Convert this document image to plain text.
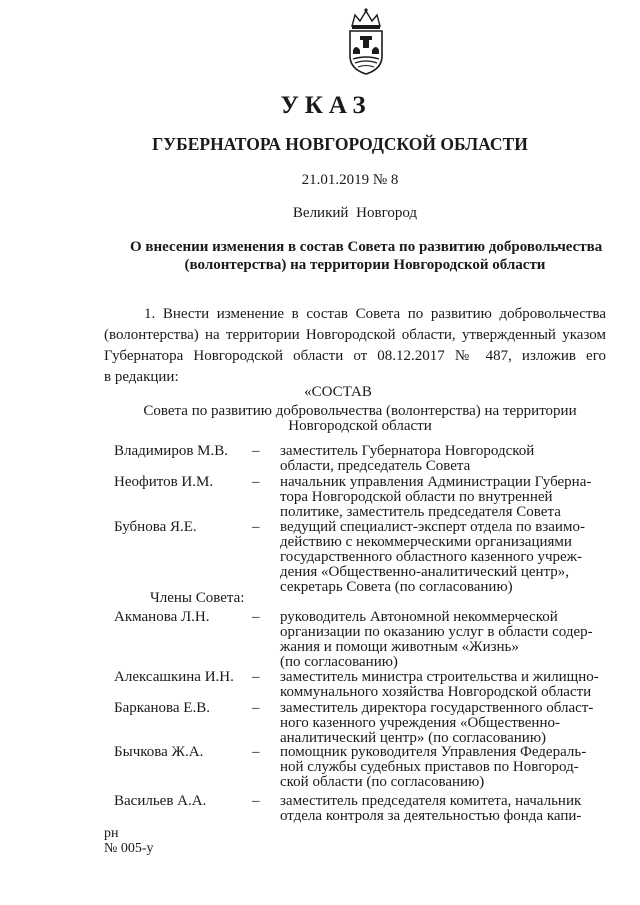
УКАЗ
ГУБЕРНАТОРА НОВГОРОДСКОЙ ОБЛАСТИ
21.01.2019 № 8
Великий Новгород
О внесении изменения в состав Совета по развитию добровольчества
(волонтерства) на территории Новгородской области
1. Внести изменение в состав Совета по развитию добровольчества
(волонтерства) на территории Новгородской области, утвержденный указом
Губернатора Новгородской области от 08.12.2017 № 487, изложив его
в редакции:
«СОСТАВ
Совета по развитию добровольчества (волонтерства) на территории
Новгородской области
Владимиров М.В. – заместитель Губернатора Новгородской
области, председатель Совета
Неофитов И.М.	– начальник управления Администрации Губерна-
тора Новгородской области по внутренней
политике, заместитель председателя Совета
Бубнова Я.Е.	– ведущий специалист-эксперт отдела по взаимо-
действию с некоммерческими организациями
государственного областного казенного учреж-
дения «Общественно-аналитический центр»,
секретарь Совета (по согласованию)
Члены Совета:
Акманова Л.Н.	– руководитель Автономной некоммерческой
организации по оказанию услуг в области содер-
жания и помощи животным «Жизнь»
(по согласованию)
Алексашкина И.Н. – заместитель министра строительства и жилищно-
коммунального хозяйства Новгородской области
Барканова Е.В.	– заместитель директора государственного област-
ного казенного учреждения «Общественно-
аналитический центр» (по согласованию)
Бычкова Ж.А.	– помощник руководителя Управления Федераль-
ной службы судебных приставов по Новгород-
ской области (по согласованию)
Васильев А.А.	– заместитель председателя комитета, начальник
отдела контроля за деятельностью фонда капи-
рн
№ 005-у
